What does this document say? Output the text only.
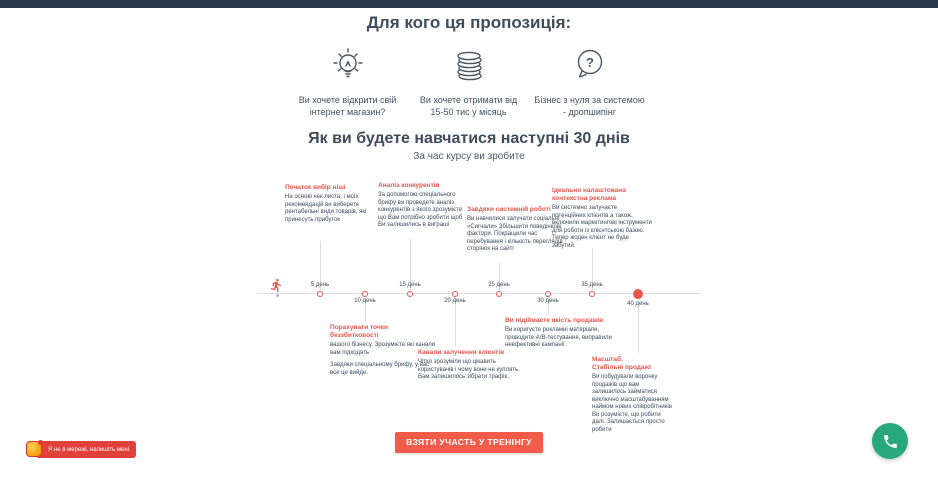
Для кого ця пропозиція:
Ви хочете відкрити свій інтернет магазин?
Ви хочете отримати від 15-50 тис у місяць
?
Бізнес з нуля за системою - дропшипінг
Як ви будете навчатися наступні 30 днів
За час курсу ви зробите
5 день
10 день
15 день
20 день
25 день
30 день
35 день
40 день
Початок вибір ніші
На основі чек листа, і моїх рекомендацій ви виберете рентабельні види товарів, які принесуть прибуток
Аналіз конкурентів
За допомогою спеціального брифу ви проведете аналіз конкурентів з якого зрозумієте що Вам потрібно зробити щоб Ви залишились в виграші
Завдяки системній роботі
Ви навчилися залучати соціальні «Сигнали» Збільшити поведінкові фактори. Покращили час перебування і кількість переглядів сторінок на сайті
Ідеально налаштована контекстна реклама
Ви системно залучаєте потенційних клієнтів а також, включили маркетингові інструменти для роботи із клієнтською базою. Тепер жоден клієнт не буде забутий.
Порахувати точки беззбитковості
вашого бізнесу. Зрозумієте які канали вам підходять
Завдяки спеціальному брифу, у вас все це вийде.
Канали залучення клієнтів
Чітко зрозуміли що цікавить користувачів і чому вони не куплять. Вам залишилось зібрати трафік.
Ви підіймаєте якість продажів
Ви коригуєте рекламні матеріали, проводите А/В-тестування, виправили неефективні кампанії
Масштаб. Стабільні продажі
Ви побудували воронку продажів що вам залишилось займатися виключно масштабуванням наймом нових співробітників Ви розумієте, що робити далі. Залишається просто робити
ВЗЯТИ УЧАСТЬ У ТРЕНІНГУ
Я не в мережі, напишіть мені
